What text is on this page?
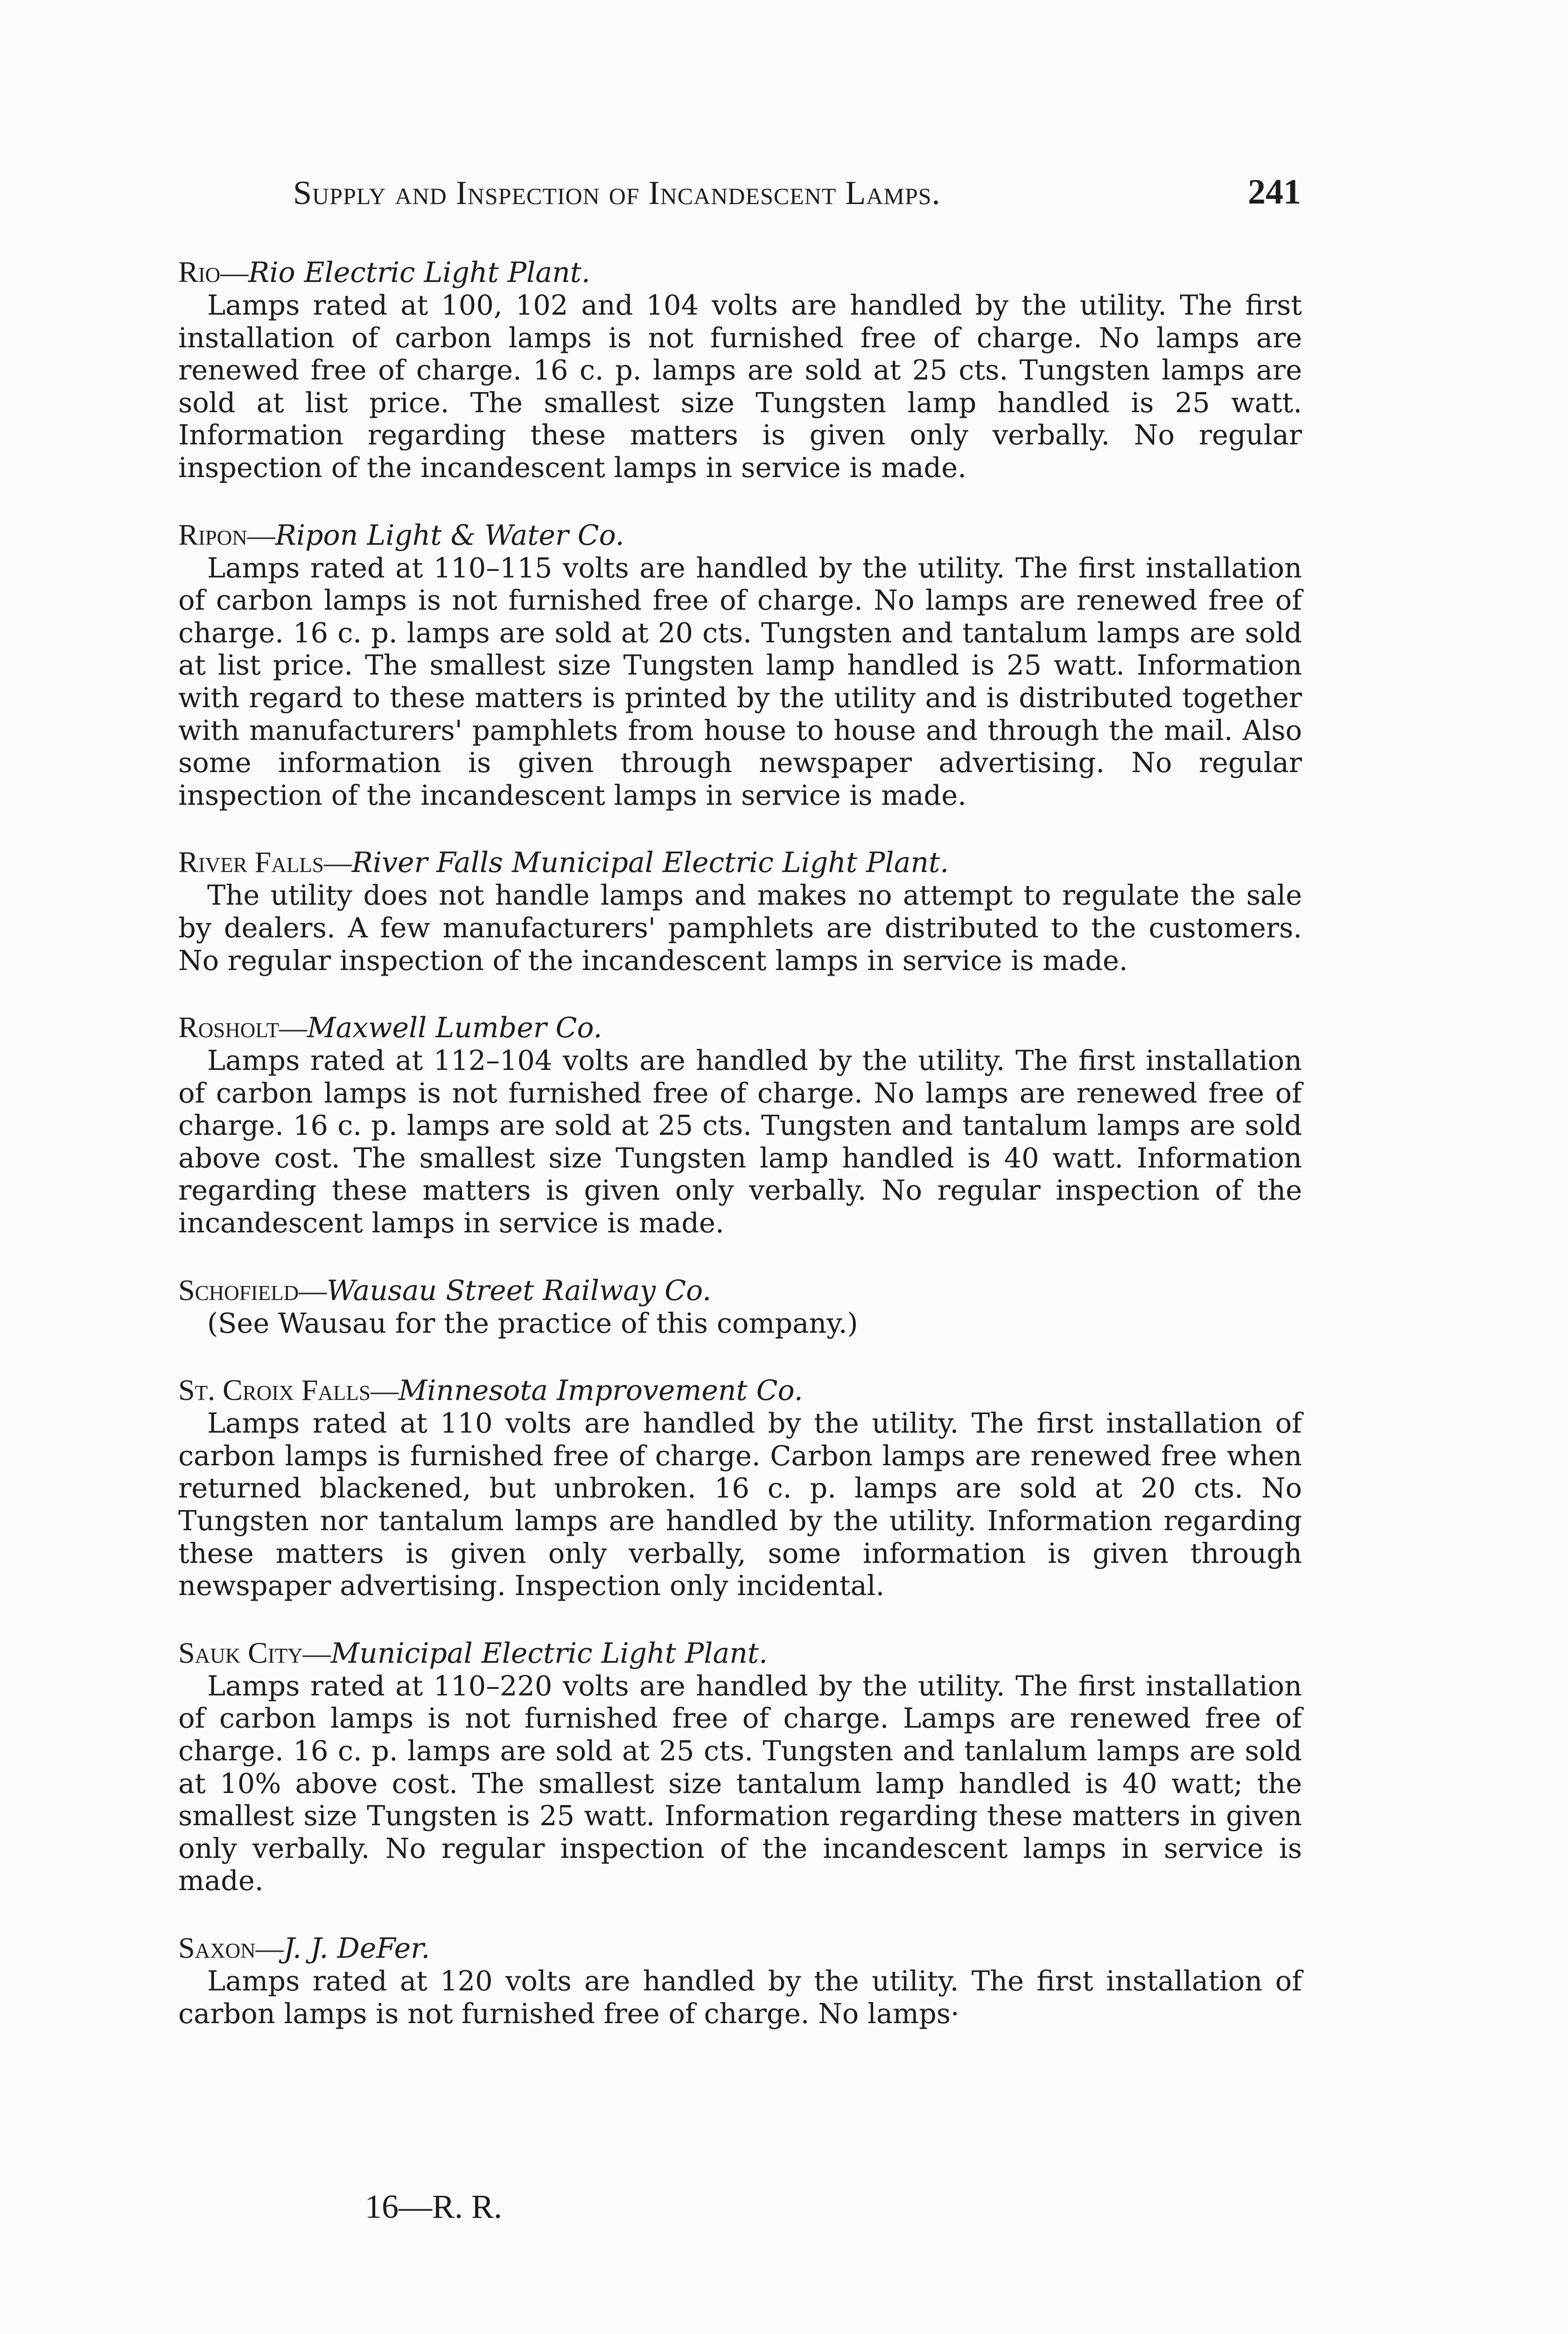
Supply and Inspection of Incandescent Lamps.	241
Rio—Rio Electric Light Plant.

Lamps rated at 100, 102 and 104 volts are handled by the utility. The first installation of carbon lamps is not furnished free of charge. No lamps are renewed free of charge. 16 c. p. lamps are sold at 25 cts. Tungsten lamps are sold at list price. The smallest size Tungsten lamp handled is 25 watt. Information regarding these matters is given only verbally. No regular inspection of the incandescent lamps in service is made.

Ripon—Ripon Light & Water Co.

Lamps rated at 110–115 volts are handled by the utility. The first installation of carbon lamps is not furnished free of charge. No lamps are renewed free of charge. 16 c. p. lamps are sold at 20 cts. Tungsten and tantalum lamps are sold at list price. The smallest size Tungsten lamp handled is 25 watt. Information with regard to these matters is printed by the utility and is distributed together with manufacturers' pamphlets from house to house and through the mail. Also some information is given through newspaper advertising. No regular inspection of the incandescent lamps in service is made.

River Falls—River Falls Municipal Electric Light Plant.

The utility does not handle lamps and makes no attempt to regulate the sale by dealers. A few manufacturers' pamphlets are distributed to the customers. No regular inspection of the incandescent lamps in service is made.

Rosholt—Maxwell Lumber Co.

Lamps rated at 112–104 volts are handled by the utility. The first installation of carbon lamps is not furnished free of charge. No lamps are renewed free of charge. 16 c. p. lamps are sold at 25 cts. Tungsten and tantalum lamps are sold above cost. The smallest size Tungsten lamp handled is 40 watt. Information regarding these matters is given only verbally. No regular inspection of the incandescent lamps in service is made.

Schofield—Wausau Street Railway Co.

(See Wausau for the practice of this company.)

St. Croix Falls—Minnesota Improvement Co.

Lamps rated at 110 volts are handled by the utility. The first installation of carbon lamps is furnished free of charge. Carbon lamps are renewed free when returned blackened, but unbroken. 16 c. p. lamps are sold at 20 cts. No Tungsten nor tantalum lamps are handled by the utility. Information regarding these matters is given only verbally, some information is given through newspaper advertising. Inspection only incidental.

Sauk City—Municipal Electric Light Plant.

Lamps rated at 110–220 volts are handled by the utility. The first installation of carbon lamps is not furnished free of charge. Lamps are renewed free of charge. 16 c. p. lamps are sold at 25 cts. Tungsten and tanlalum lamps are sold at 10% above cost. The smallest size tantalum lamp handled is 40 watt; the smallest size Tungsten is 25 watt. Information regarding these matters in given only verbally. No regular inspection of the incandescent lamps in service is made.

Saxon—J. J. DeFer.

Lamps rated at 120 volts are handled by the utility. The first installation of carbon lamps is not furnished free of charge. No lamps·

16—R. R.
